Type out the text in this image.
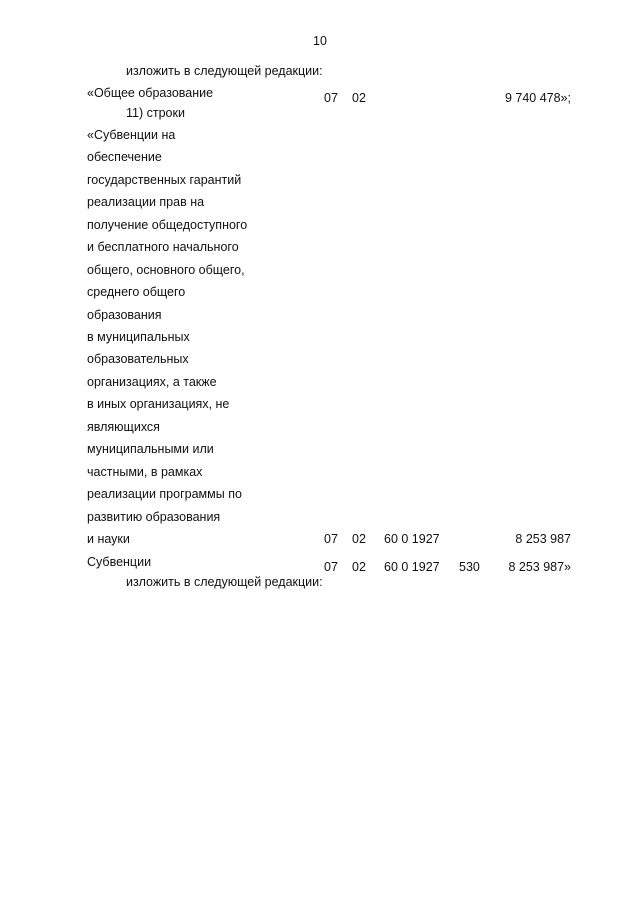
10
изложить в следующей редакции:
«Общее образование	07 02	9 740 478»;
11) строки
«Субвенции на
обеспечение
государственных гарантий
реализации прав на
получение общедоступного
и бесплатного начального
общего, основного общего,
среднего общего
образования
в муниципальных
образовательных
организациях, а также
в иных организациях, не
являющихся
муниципальными или
частными, в рамках
реализации программы по
развитию образования
и науки	07 02 60 0 1927	8 253 987
Субвенции	07 02 60 0 1927 530 8 253 987»
изложить в следующей редакции:
